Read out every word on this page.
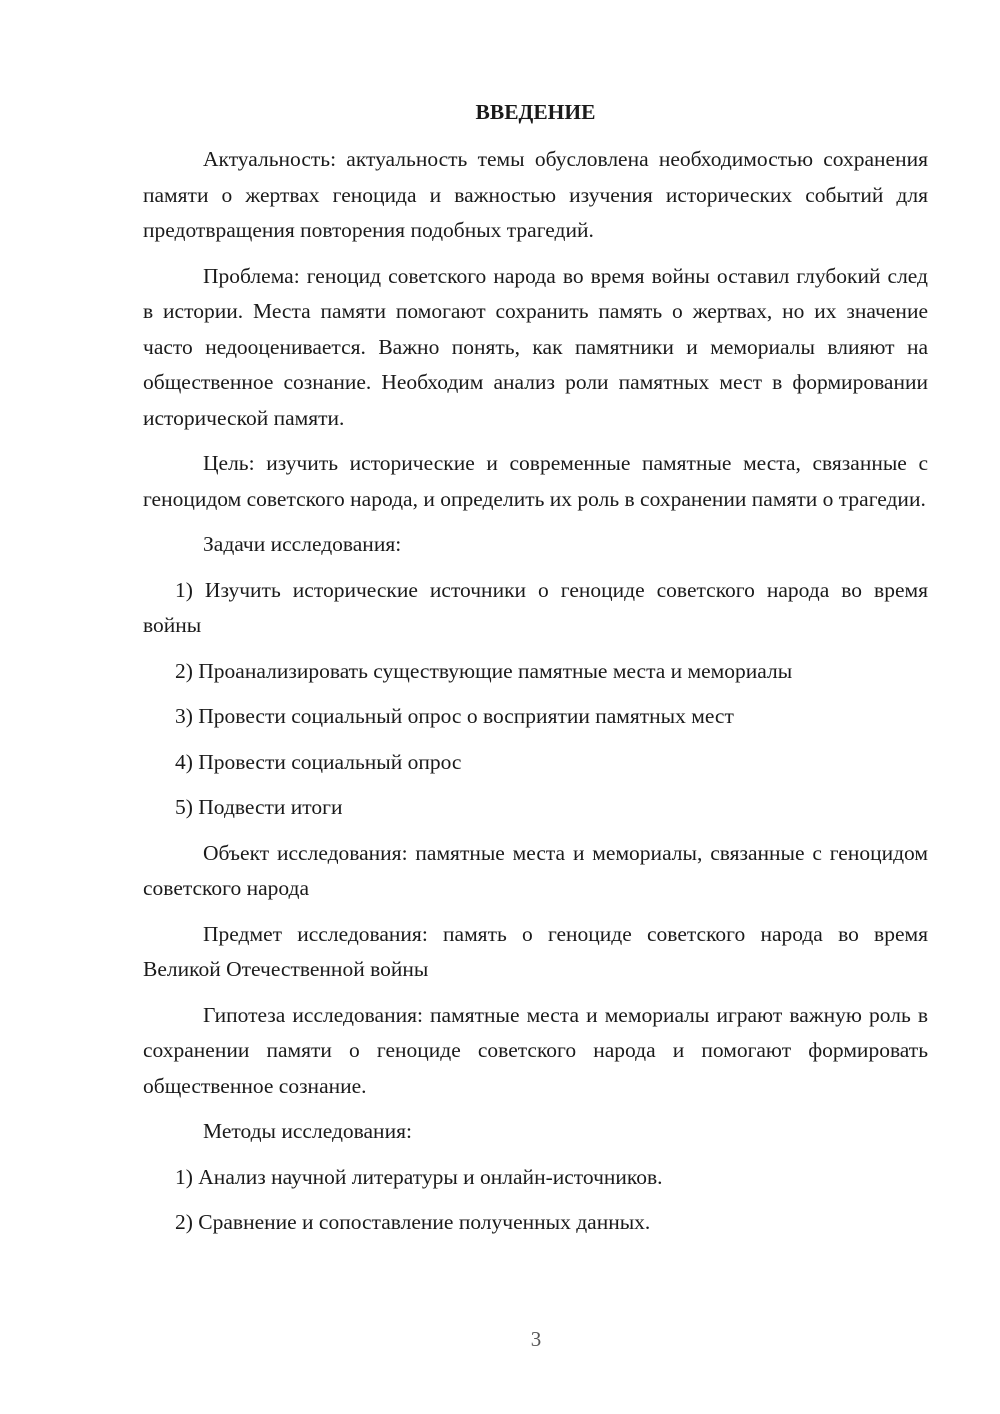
ВВЕДЕНИЕ

Актуальность: актуальность темы обусловлена необходимостью сохранения памяти о жертвах геноцида и важностью изучения исторических событий для предотвращения повторения подобных трагедий.

Проблема: геноцид советского народа во время войны оставил глубокий след в истории. Места памяти помогают сохранить память о жертвах, но их значение часто недооценивается. Важно понять, как памятники и мемориалы влияют на общественное сознание. Необходим анализ роли памятных мест в формировании исторической памяти.

Цель: изучить исторические и современные памятные места, связанные с геноцидом советского народа, и определить их роль в сохранении памяти о трагедии.

Задачи исследования:

1) Изучить исторические источники о геноциде советского народа во время войны

2) Проанализировать существующие памятные места и мемориалы

3) Провести социальный опрос о восприятии памятных мест

4) Провести социальный опрос

5) Подвести итоги

Объект исследования: памятные места и мемориалы, связанные с геноцидом советского народа

Предмет исследования: память о геноциде советского народа во время Великой Отечественной войны

Гипотеза исследования: памятные места и мемориалы играют важную роль в сохранении памяти о геноциде советского народа и помогают формировать общественное сознание.

Методы исследования:

1) Анализ научной литературы и онлайн-источников.

2) Сравнение и сопоставление полученных данных.

3
